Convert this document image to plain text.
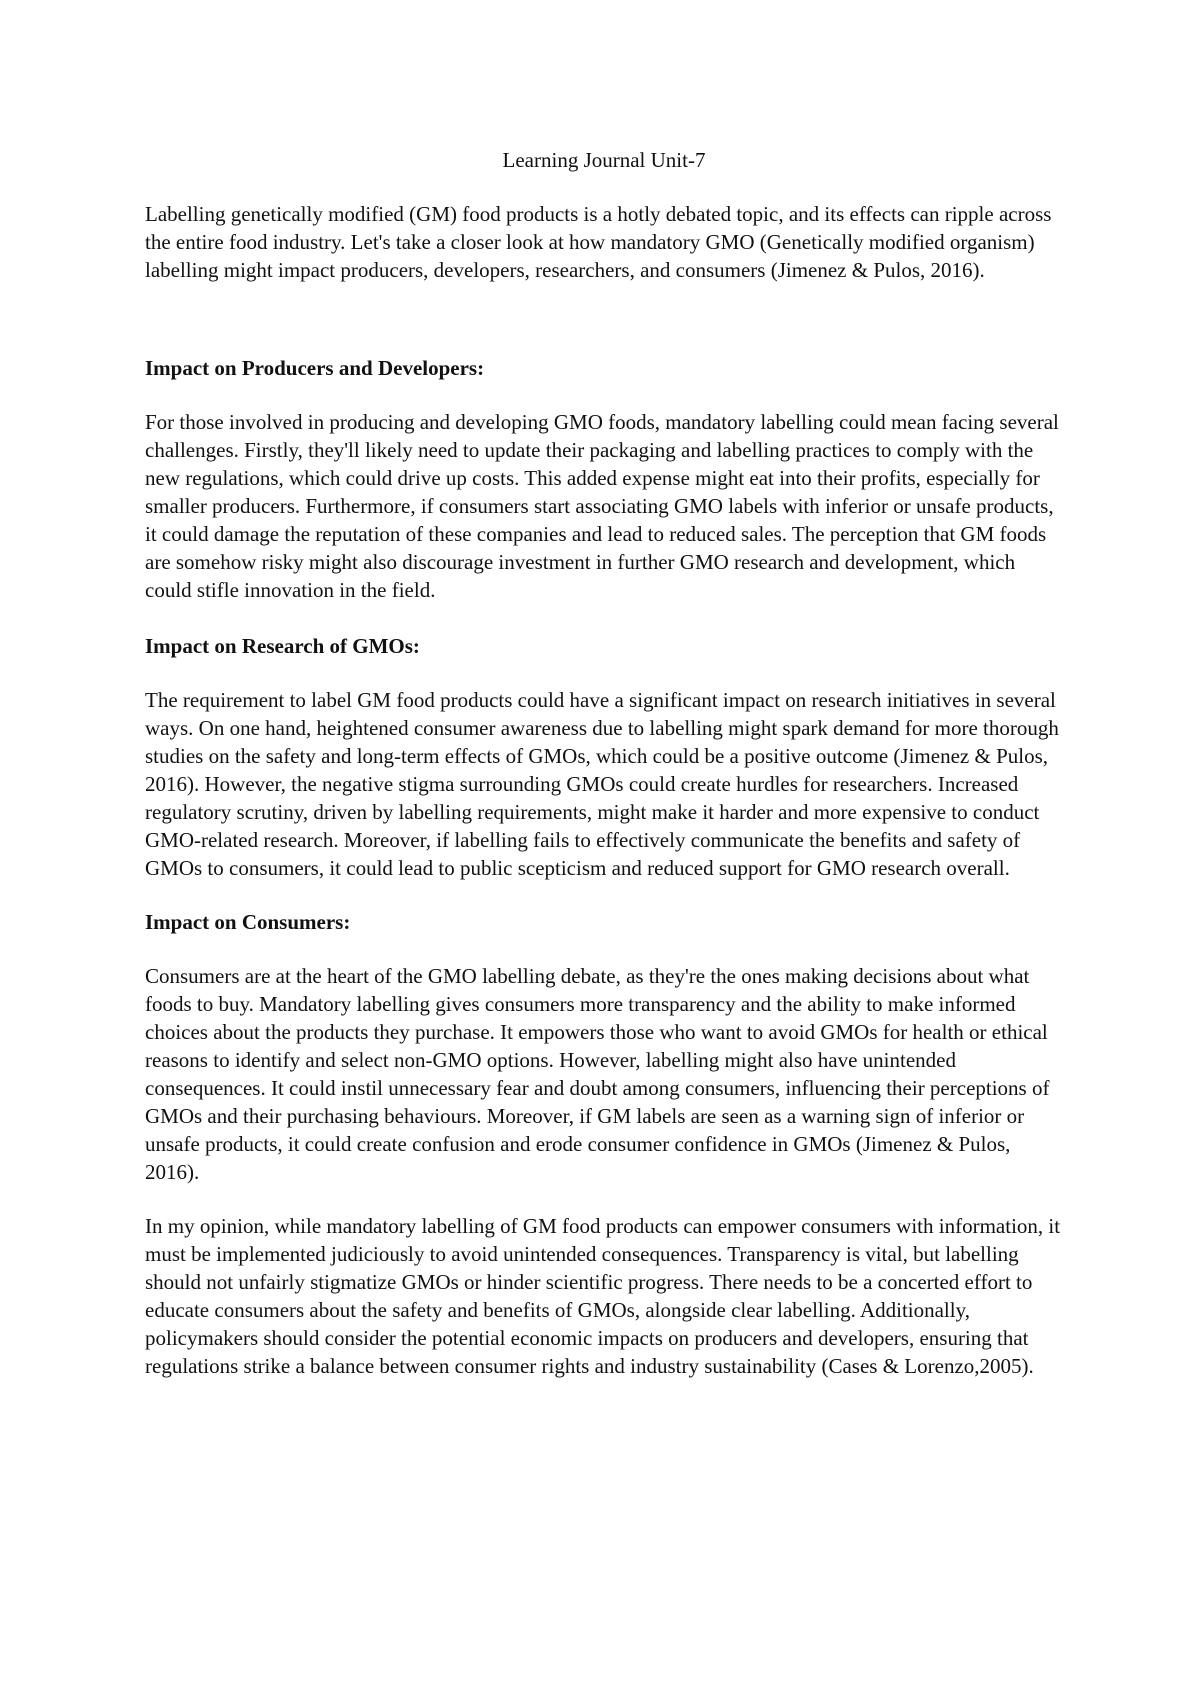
Learning Journal Unit-7

Labelling genetically modified (GM) food products is a hotly debated topic, and its effects can ripple across the entire food industry. Let's take a closer look at how mandatory GMO (Genetically modified organism) labelling might impact producers, developers, researchers, and consumers (Jimenez & Pulos, 2016).

Impact on Producers and Developers:

For those involved in producing and developing GMO foods, mandatory labelling could mean facing several challenges. Firstly, they'll likely need to update their packaging and labelling practices to comply with the new regulations, which could drive up costs. This added expense might eat into their profits, especially for smaller producers. Furthermore, if consumers start associating GMO labels with inferior or unsafe products, it could damage the reputation of these companies and lead to reduced sales. The perception that GM foods are somehow risky might also discourage investment in further GMO research and development, which could stifle innovation in the field.

Impact on Research of GMOs:

The requirement to label GM food products could have a significant impact on research initiatives in several ways. On one hand, heightened consumer awareness due to labelling might spark demand for more thorough studies on the safety and long-term effects of GMOs, which could be a positive outcome (Jimenez & Pulos, 2016). However, the negative stigma surrounding GMOs could create hurdles for researchers. Increased regulatory scrutiny, driven by labelling requirements, might make it harder and more expensive to conduct GMO-related research. Moreover, if labelling fails to effectively communicate the benefits and safety of GMOs to consumers, it could lead to public scepticism and reduced support for GMO research overall.

Impact on Consumers:

Consumers are at the heart of the GMO labelling debate, as they're the ones making decisions about what foods to buy. Mandatory labelling gives consumers more transparency and the ability to make informed choices about the products they purchase. It empowers those who want to avoid GMOs for health or ethical reasons to identify and select non-GMO options. However, labelling might also have unintended consequences. It could instil unnecessary fear and doubt among consumers, influencing their perceptions of GMOs and their purchasing behaviours. Moreover, if GM labels are seen as a warning sign of inferior or unsafe products, it could create confusion and erode consumer confidence in GMOs (Jimenez & Pulos, 2016).

In my opinion, while mandatory labelling of GM food products can empower consumers with information, it must be implemented judiciously to avoid unintended consequences. Transparency is vital, but labelling should not unfairly stigmatize GMOs or hinder scientific progress. There needs to be a concerted effort to educate consumers about the safety and benefits of GMOs, alongside clear labelling. Additionally, policymakers should consider the potential economic impacts on producers and developers, ensuring that regulations strike a balance between consumer rights and industry sustainability (Cases & Lorenzo,2005).
